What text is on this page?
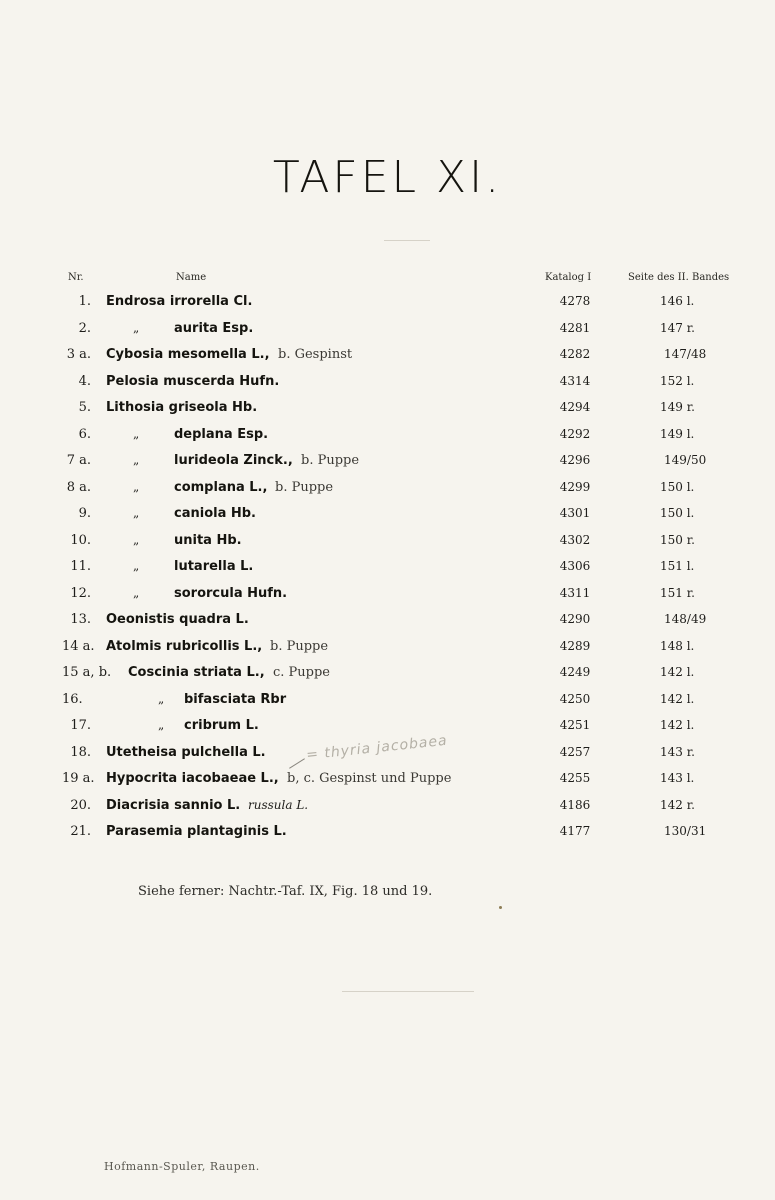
TAFEL XI.
Nr.	Name	Katalog I	Seite des II. Bandes
1. Endrosa irrorella Cl.	4278	146 l.
2.	„	aurita Esp.	4281	147 r.
3 a. Cybosia mesomella L., b. Gespinst	4282	147/48
4. Pelosia muscerda Hufn.	4314	152 l.
5. Lithosia griseola Hb.	4294	149 r.
6.	„	deplana Esp.	4292	149 l.
7 a.	„	lurideola Zinck., b. Puppe	4296	149/50
8 a.	„	complana L., b. Puppe	4299	150 l.
9.	„	caniola Hb.	4301	150 l.
10.	„	unita Hb.	4302	150 r.
11.	„	lutarella L.	4306	151 l.
12.	„	sororcula Hufn.	4311	151 r.
13. Oeonistis quadra L.	4290	148/49
14 a. Atolmis rubricollis L., b. Puppe	4289	148 l.
15 a, b. Coscinia striata L., c. Puppe	4249	142 l.
16.	„ bifasciata Rbr	4250	142 l.
17.	„ cribrum L.	4251	142 l.
18. Utetheisa pulchella L.	4257	143 r.
19 a. Hypocrita iacobaeae L., b, c. Gespinst und Puppe	4255	143 l.
20. Diacrisia sannio L. russula L.	4186	142 r.
21. Parasemia plantaginis L.	4177	130/31
= thyria jacobaea
Siehe ferner: Nachtr.-Taf. IX, Fig. 18 und 19.
Hofmann-Spuler, Raupen.
